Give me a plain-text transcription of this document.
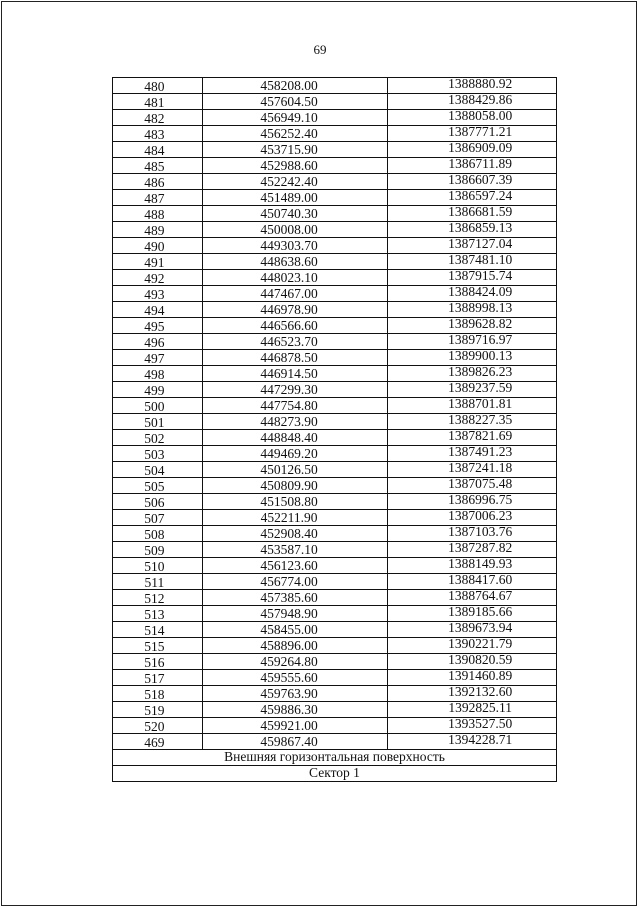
69
480	458208.00	1388880.92
481	457604.50	1388429.86
482	456949.10	1388058.00
483	456252.40	1387771.21
484	453715.90	1386909.09
485	452988.60	1386711.89
486	452242.40	1386607.39
487	451489.00	1386597.24
488	450740.30	1386681.59
489	450008.00	1386859.13
490	449303.70	1387127.04
491	448638.60	1387481.10
492	448023.10	1387915.74
493	447467.00	1388424.09
494	446978.90	1388998.13
495	446566.60	1389628.82
496	446523.70	1389716.97
497	446878.50	1389900.13
498	446914.50	1389826.23
499	447299.30	1389237.59
500	447754.80	1388701.81
501	448273.90	1388227.35
502	448848.40	1387821.69
503	449469.20	1387491.23
504	450126.50	1387241.18
505	450809.90	1387075.48
506	451508.80	1386996.75
507	452211.90	1387006.23
508	452908.40	1387103.76
509	453587.10	1387287.82
510	456123.60	1388149.93
511	456774.00	1388417.60
512	457385.60	1388764.67
513	457948.90	1389185.66
514	458455.00	1389673.94
515	458896.00	1390221.79
516	459264.80	1390820.59
517	459555.60	1391460.89
518	459763.90	1392132.60
519	459886.30	1392825.11
520	459921.00	1393527.50
469	459867.40	1394228.71
Внешняя горизонтальная поверхность		
Сектор 1		
